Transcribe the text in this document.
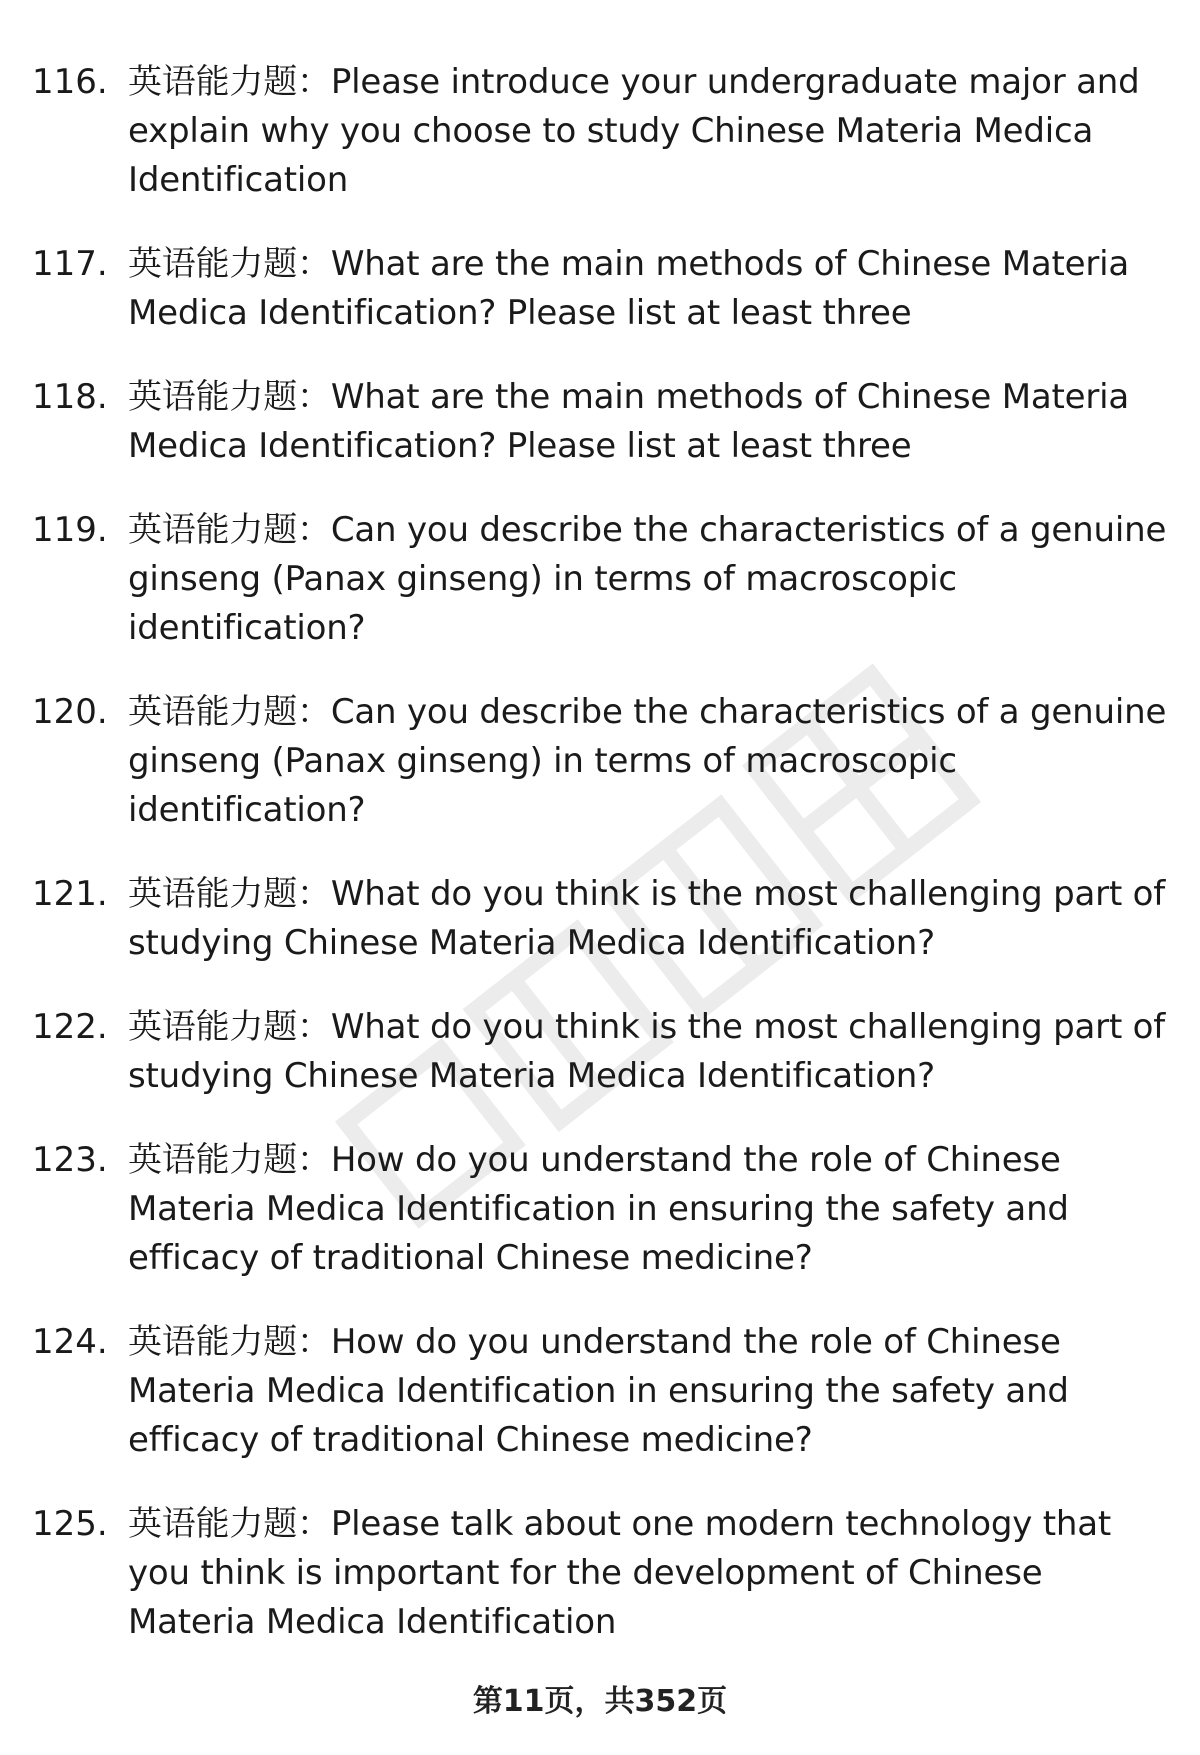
116. 英语能力题：Please introduce your undergraduate major and explain why you choose to study Chinese Materia Medica Identification
117. 英语能力题：What are the main methods of Chinese Materia Medica Identification? Please list at least three
118. 英语能力题：What are the main methods of Chinese Materia Medica Identification? Please list at least three
119. 英语能力题：Can you describe the characteristics of a genuine ginseng (Panax ginseng) in terms of macroscopic identification?
120. 英语能力题：Can you describe the characteristics of a genuine ginseng (Panax ginseng) in terms of macroscopic identification?
121. 英语能力题：What do you think is the most challenging part of studying Chinese Materia Medica Identification?
122. 英语能力题：What do you think is the most challenging part of studying Chinese Materia Medica Identification?
123. 英语能力题：How do you understand the role of Chinese Materia Medica Identification in ensuring the safety and efficacy of traditional Chinese medicine?
124. 英语能力题：How do you understand the role of Chinese Materia Medica Identification in ensuring the safety and efficacy of traditional Chinese medicine?
125. 英语能力题：Please talk about one modern technology that you think is important for the development of Chinese Materia Medica Identification
第11页，共352页
